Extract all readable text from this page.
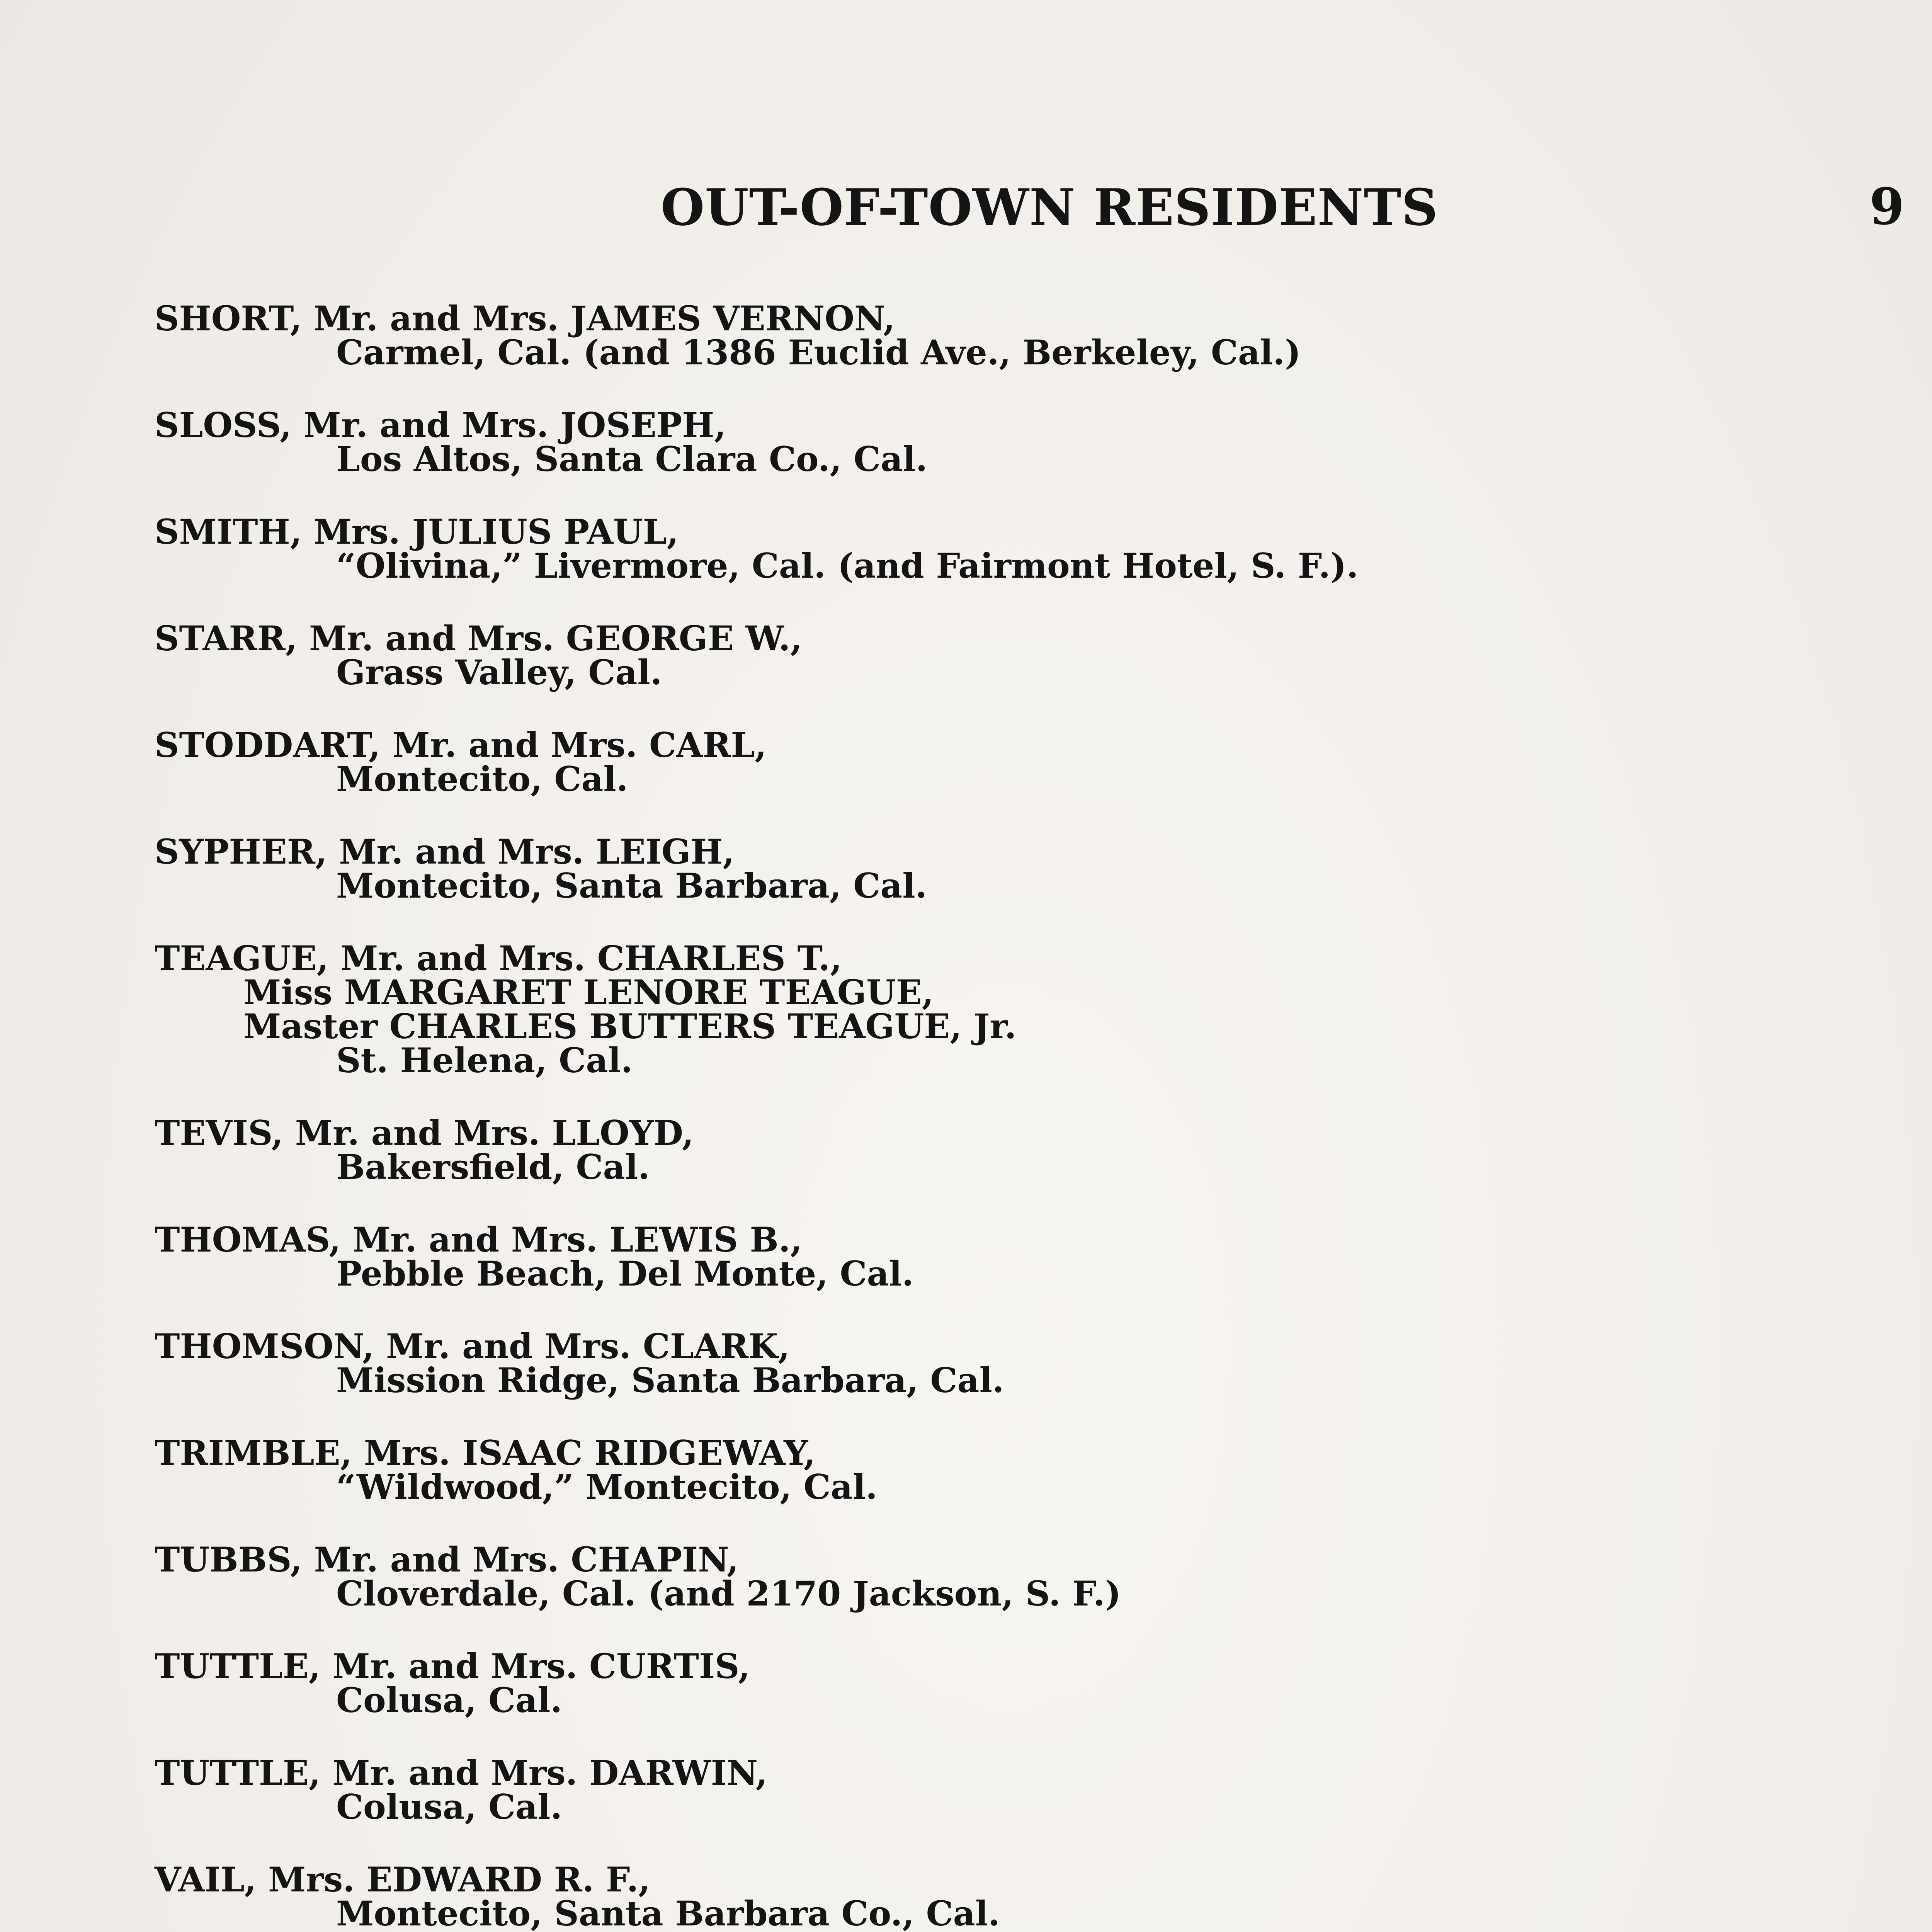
OUT-OF-TOWN RESIDENTS	9
SHORT, Mr. and Mrs. JAMES VERNON,
Carmel, Cal. (and 1386 Euclid Ave., Berkeley, Cal.)
SLOSS, Mr. and Mrs. JOSEPH,
Los Altos, Santa Clara Co., Cal.
SMITH, Mrs. JULIUS PAUL,
“Olivina,” Livermore, Cal. (and Fairmont Hotel, S. F.).
STARR, Mr. and Mrs. GEORGE W.,
Grass Valley, Cal.
STODDART, Mr. and Mrs. CARL,
Montecito, Cal.
SYPHER, Mr. and Mrs. LEIGH,
Montecito, Santa Barbara, Cal.
TEAGUE, Mr. and Mrs. CHARLES T.,
Miss MARGARET LENORE TEAGUE,
Master CHARLES BUTTERS TEAGUE, Jr.
St. Helena, Cal.
TEVIS, Mr. and Mrs. LLOYD,
Bakersfield, Cal.
THOMAS, Mr. and Mrs. LEWIS B.,
Pebble Beach, Del Monte, Cal.
THOMSON, Mr. and Mrs. CLARK,
Mission Ridge, Santa Barbara, Cal.
TRIMBLE, Mrs. ISAAC RIDGEWAY,
“Wildwood,” Montecito, Cal.
TUBBS, Mr. and Mrs. CHAPIN,
Cloverdale, Cal. (and 2170 Jackson, S. F.)
TUTTLE, Mr. and Mrs. CURTIS,
Colusa, Cal.
TUTTLE, Mr. and Mrs. DARWIN,
Colusa, Cal.
VAIL, Mrs. EDWARD R. F.,
Montecito, Santa Barbara Co., Cal.
